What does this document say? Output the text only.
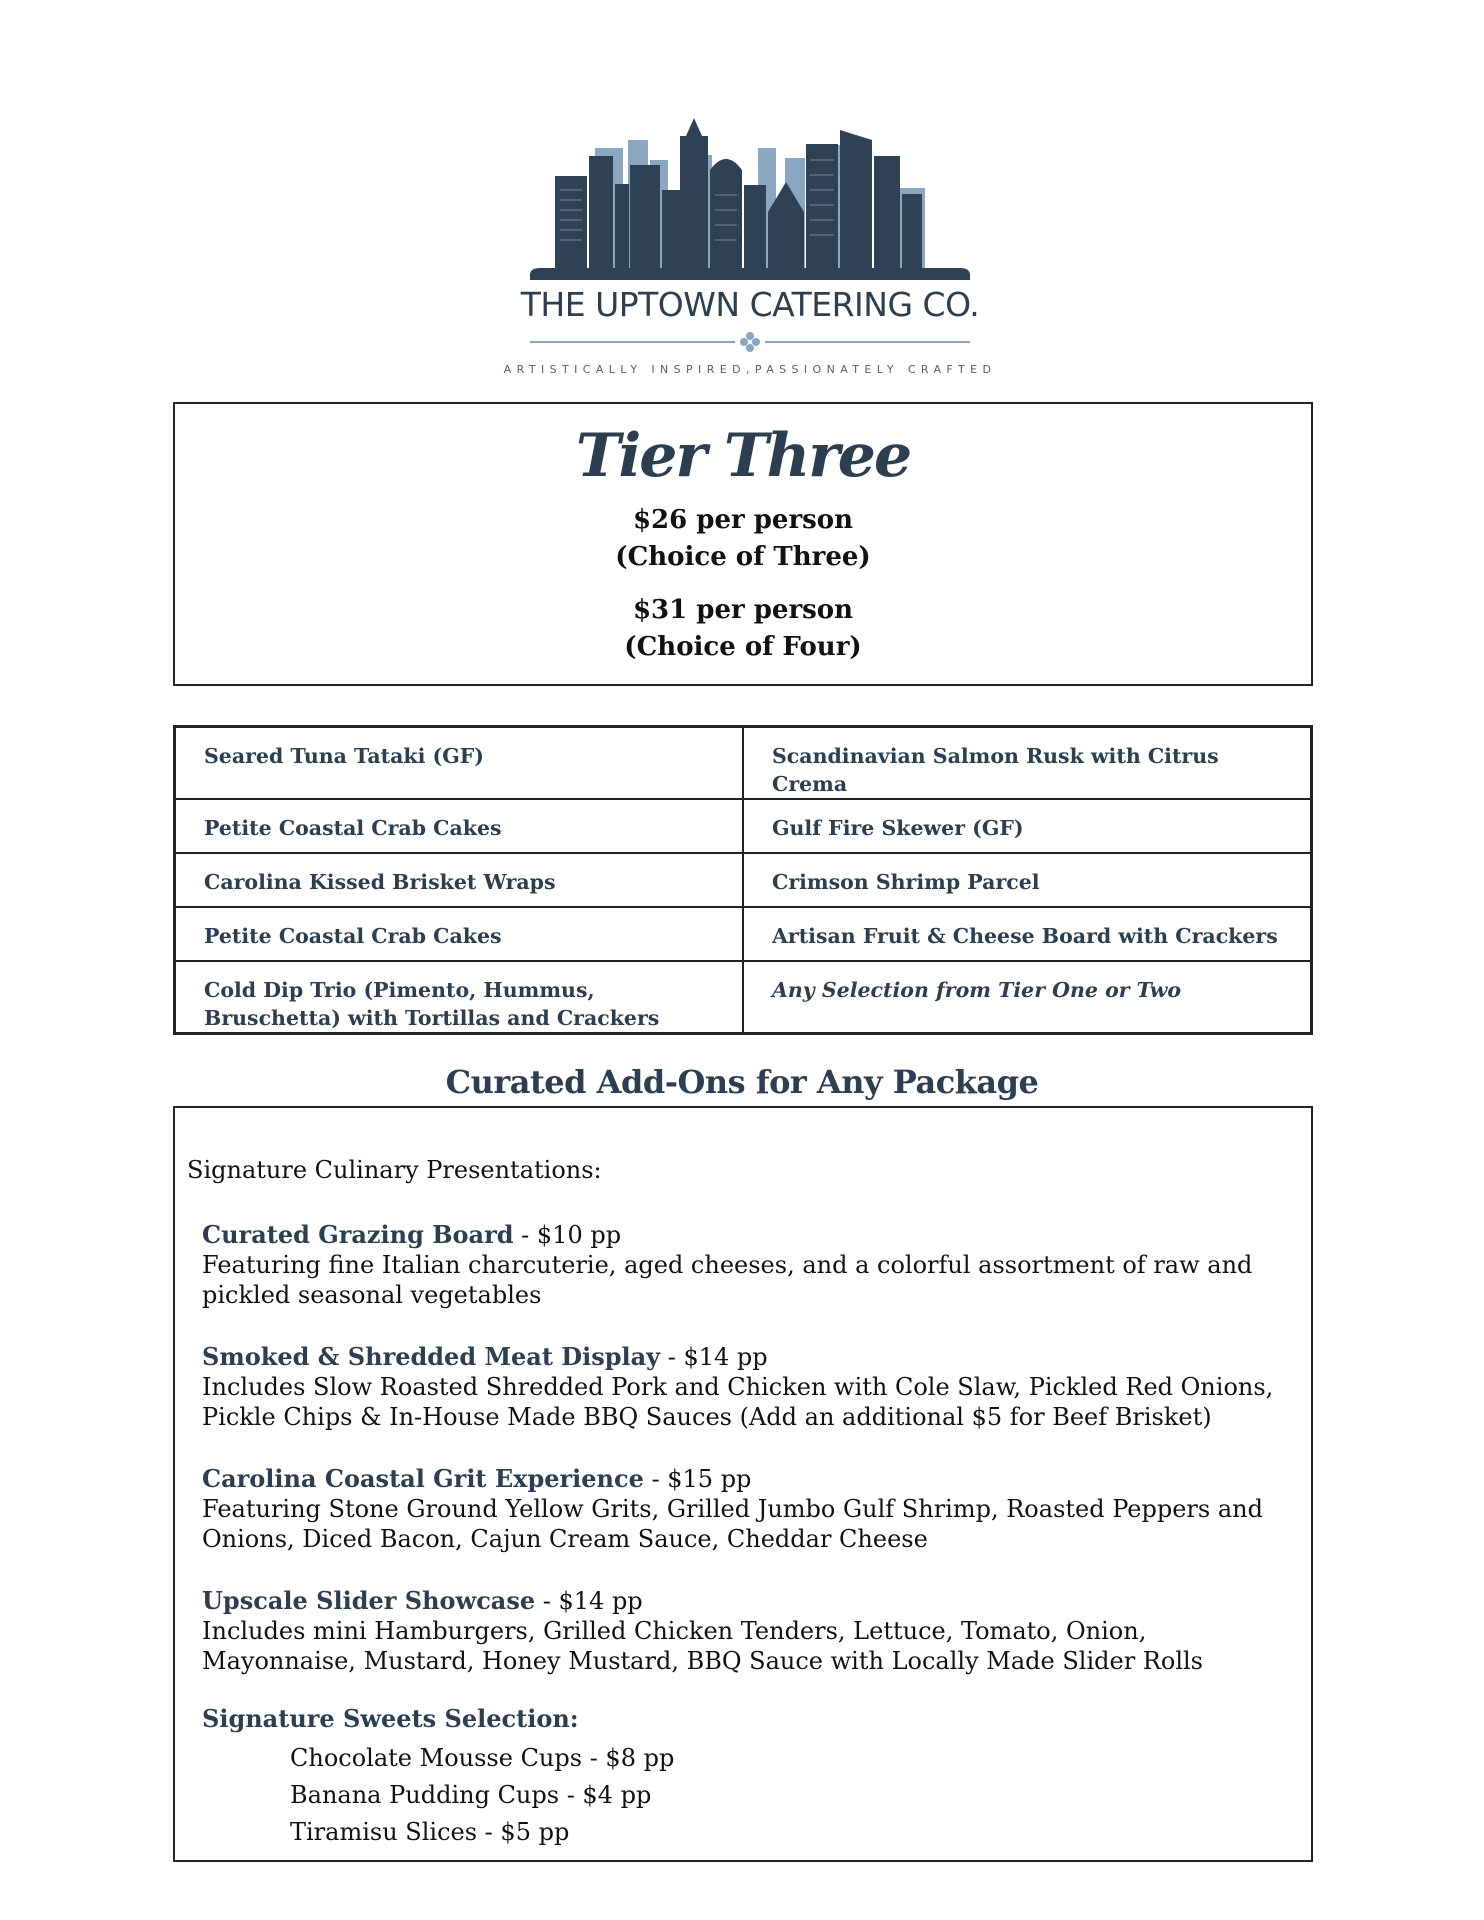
THE UPTOWN CATERING CO.
ARTISTICALLY INSPIRED,PASSIONATELY CRAFTED
Tier Three
$26 per person
(Choice of Three)
$31 per person
(Choice of Four)
Seared Tuna Tataki (GF)	Scandinavian Salmon Rusk with Citrus Crema
Petite Coastal Crab Cakes	Gulf Fire Skewer (GF)
Carolina Kissed Brisket Wraps	Crimson Shrimp Parcel
Petite Coastal Crab Cakes	Artisan Fruit & Cheese Board with Crackers
Cold Dip Trio (Pimento, Hummus, Bruschetta) with Tortillas and Crackers	Any Selection from Tier One or Two
Curated Add-Ons for Any Package
Signature Culinary Presentations:
Curated Grazing Board - $10 pp
Featuring fine Italian charcuterie, aged cheeses, and a colorful assortment of raw and pickled seasonal vegetables
Smoked & Shredded Meat Display - $14 pp
Includes Slow Roasted Shredded Pork and Chicken with Cole Slaw, Pickled Red Onions, Pickle Chips & In-House Made BBQ Sauces (Add an additional $5 for Beef Brisket)
Carolina Coastal Grit Experience - $15 pp
Featuring Stone Ground Yellow Grits, Grilled Jumbo Gulf Shrimp, Roasted Peppers and Onions, Diced Bacon, Cajun Cream Sauce, Cheddar Cheese
Upscale Slider Showcase - $14 pp
Includes mini Hamburgers, Grilled Chicken Tenders, Lettuce, Tomato, Onion, Mayonnaise, Mustard, Honey Mustard, BBQ Sauce with Locally Made Slider Rolls
Signature Sweets Selection:
Chocolate Mousse Cups - $8 pp
Banana Pudding Cups - $4 pp
Tiramisu Slices - $5 pp
